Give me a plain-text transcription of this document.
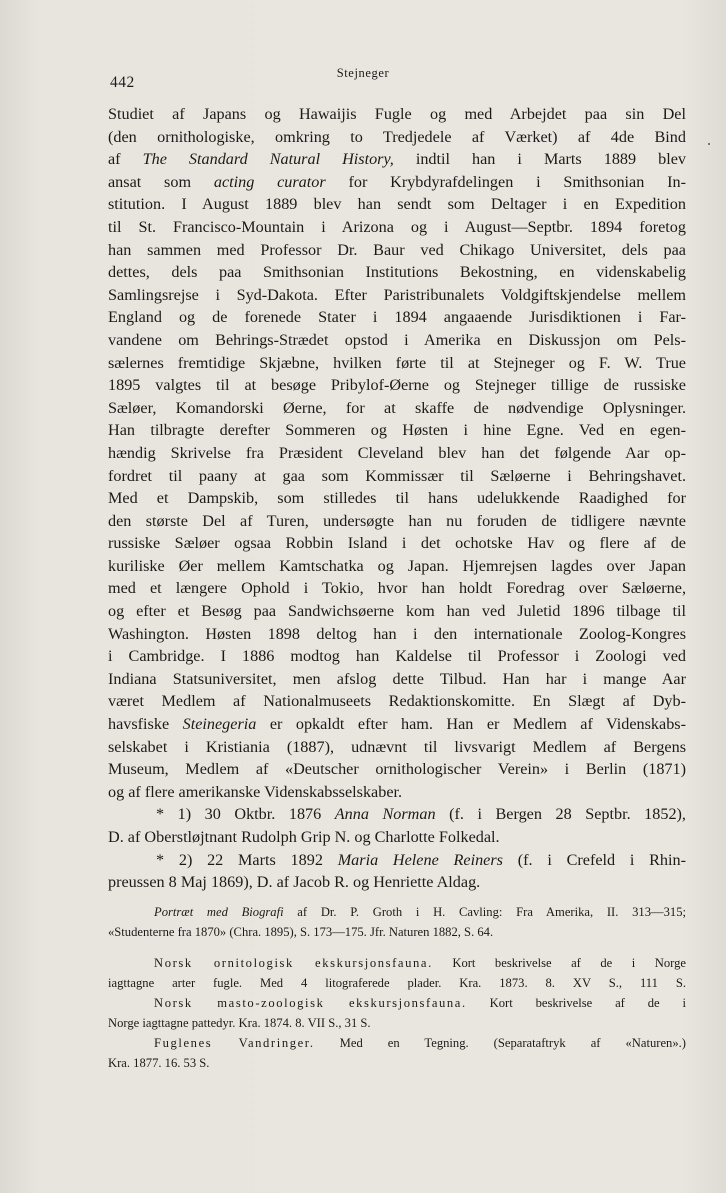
442
Stejneger
Studiet af Japans og Hawaijis Fugle og med Arbejdet paa sin Del
(den ornithologiske, omkring to Tredjedele af Værket) af 4de Bind
af The Standard Natural History, indtil han i Marts 1889 blev
ansat som acting curator for Krybdyrafdelingen i Smithsonian In-
stitution. I August 1889 blev han sendt som Deltager i en Expedition
til St. Francisco-Mountain i Arizona og i August—Septbr. 1894 foretog
han sammen med Professor Dr. Baur ved Chikago Universitet, dels paa
dettes, dels paa Smithsonian Institutions Bekostning, en videnskabelig
Samlingsrejse i Syd-Dakota. Efter Paristribunalets Voldgiftskjendelse mellem
England og de forenede Stater i 1894 angaaende Jurisdiktionen i Far-
vandene om Behrings-Strædet opstod i Amerika en Diskussjon om Pels-
sælernes fremtidige Skjæbne, hvilken førte til at Stejneger og F. W. True
1895 valgtes til at besøge Pribylof-Øerne og Stejneger tillige de russiske
Sæløer, Komandorski Øerne, for at skaffe de nødvendige Oplysninger.
Han tilbragte derefter Sommeren og Høsten i hine Egne. Ved en egen-
hændig Skrivelse fra Præsident Cleveland blev han det følgende Aar op-
fordret til paany at gaa som Kommissær til Sæløerne i Behringshavet.
Med et Dampskib, som stilledes til hans udelukkende Raadighed for
den største Del af Turen, undersøgte han nu foruden de tidligere nævnte
russiske Sæløer ogsaa Robbin Island i det ochotske Hav og flere af de
kuriliske Øer mellem Kamtschatka og Japan. Hjemrejsen lagdes over Japan
med et længere Ophold i Tokio, hvor han holdt Foredrag over Sæløerne,
og efter et Besøg paa Sandwichsøerne kom han ved Juletid 1896 tilbage til
Washington. Høsten 1898 deltog han i den internationale Zoolog-Kongres
i Cambridge. I 1886 modtog han Kaldelse til Professor i Zoologi ved
Indiana Statsuniversitet, men afslog dette Tilbud. Han har i mange Aar
været Medlem af Nationalmuseets Redaktionskomitte. En Slægt af Dyb-
havsfiske Steinegeria er opkaldt efter ham. Han er Medlem af Videnskabs-
selskabet i Kristiania (1887), udnævnt til livsvarigt Medlem af Bergens
Museum, Medlem af «Deutscher ornithologischer Verein» i Berlin (1871)
og af flere amerikanske Videnskabsselskaber.
* 1) 30 Oktbr. 1876 Anna Norman (f. i Bergen 28 Septbr. 1852),
D. af Oberstløjtnant Rudolph Grip N. og Charlotte Folkedal.
* 2) 22 Marts 1892 Maria Helene Reiners (f. i Crefeld i Rhin-
preussen 8 Maj 1869), D. af Jacob R. og Henriette Aldag.
Portræt med Biografi af Dr. P. Groth i H. Cavling: Fra Amerika, II. 313—315;
«Studenterne fra 1870» (Chra. 1895), S. 173—175. Jfr. Naturen 1882, S. 64.
Norsk ornitologisk ekskursjonsfauna. Kort beskrivelse af de i Norge
iagttagne arter fugle. Med 4 litograferede plader. Kra. 1873. 8. XV S., 111 S.
Norsk masto-zoologisk ekskursjonsfauna. Kort beskrivelse af de i
Norge iagttagne pattedyr. Kra. 1874. 8. VII S., 31 S.
Fuglenes Vandringer. Med en Tegning. (Separataftryk af «Naturen».)
Kra. 1877. 16. 53 S.
